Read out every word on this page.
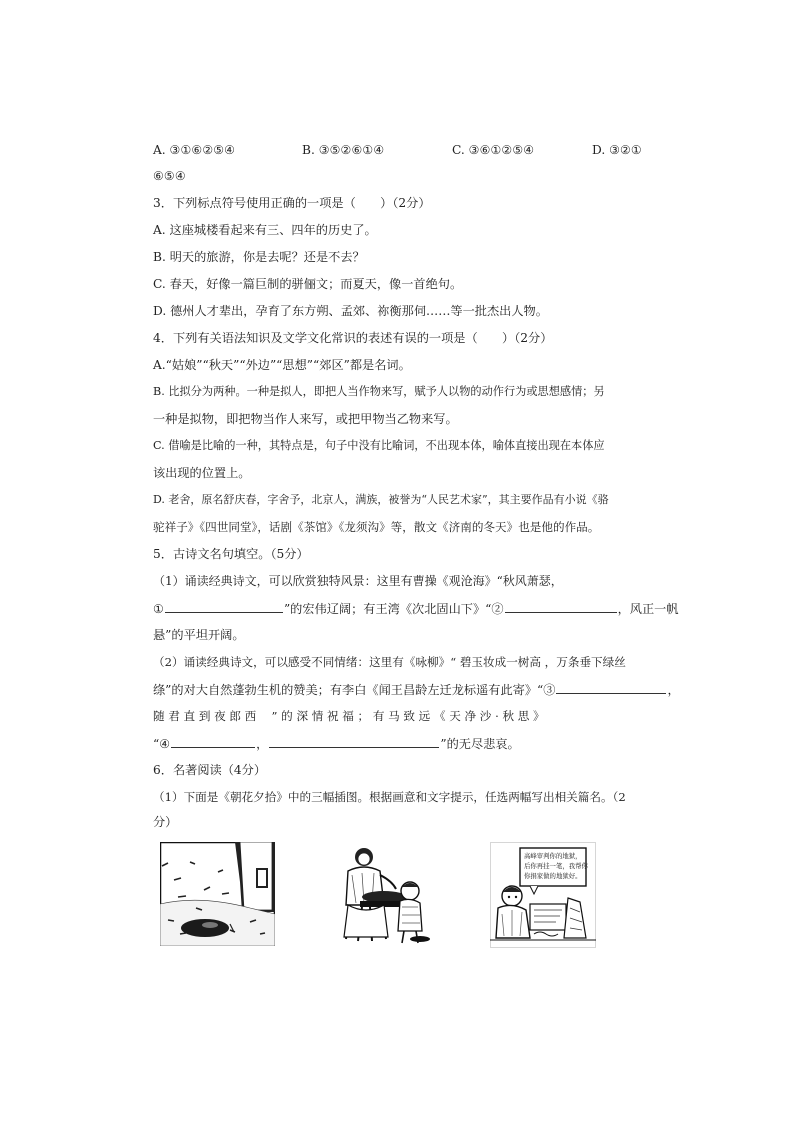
A. ③①⑥②⑤④	B. ③⑤②⑥①④	C. ③⑥①②⑤④	D. ③②①
⑥⑤④
3．下列标点符号使用正确的一项是（　　）（2分）
A. 这座城楼看起来有三、四年的历史了。
B. 明天的旅游，你是去呢？还是不去？
C. 春天，好像一篇巨制的骈俪文；而夏天，像一首绝句。
D. 德州人才辈出，孕育了东方朔、孟郊、祢衡那伺……等一批杰出人物。
4．下列有关语法知识及文学文化常识的表述有误的一项是（　　）（2分）
A.“姑娘”“秋天”“外边”“思想”“郊区”都是名词。
B. 比拟分为两种。一种是拟人，即把人当作物来写，赋予人以物的动作行为或思想感情；另
一种是拟物，即把物当作人来写，或把甲物当乙物来写。
C. 借喻是比喻的一种，其特点是，句子中没有比喻词，不出现本体，喻体直接出现在本体应
该出现的位置上。
D. 老舍，原名舒庆春，字舍予，北京人，满族，被誉为“人民艺术家”，其主要作品有小说《骆
驼祥子》《四世同堂》，话剧《茶馆》《龙须沟》等，散文《济南的冬天》也是他的作品。
5．古诗文名句填空。（5分）
（1）诵读经典诗文，可以欣赏独特风景：这里有曹操《观沧海》“秋风萧瑟，
①	”的宏伟辽阔；有王湾《次北固山下》“②	，风正一帆
悬”的平坦开阔。
（2）诵读经典诗文，可以感受不同情绪：这里有《咏柳》“ 碧玉妆成一树高 ，万条垂下绿丝
绦”的对大自然蓬勃生机的赞美；有李白《闻王昌龄左迁龙标遥有此寄》“③	，
随 君 直 到 夜 郎 西 　” 的 深 情 祝 福 ； 有 马 致 远 《 天 净 沙 · 秋 思 》
“④	，	”的无尽悲哀。
6．名著阅读（4分）
（1）下面是《朝花夕拾》中的三幅插图。根据画意和文字提示，任选两幅写出相关篇名。（2
分）
高峰审判你的地狱，
后你再挂一笔，我帮你
你捐家做的地狱好。
